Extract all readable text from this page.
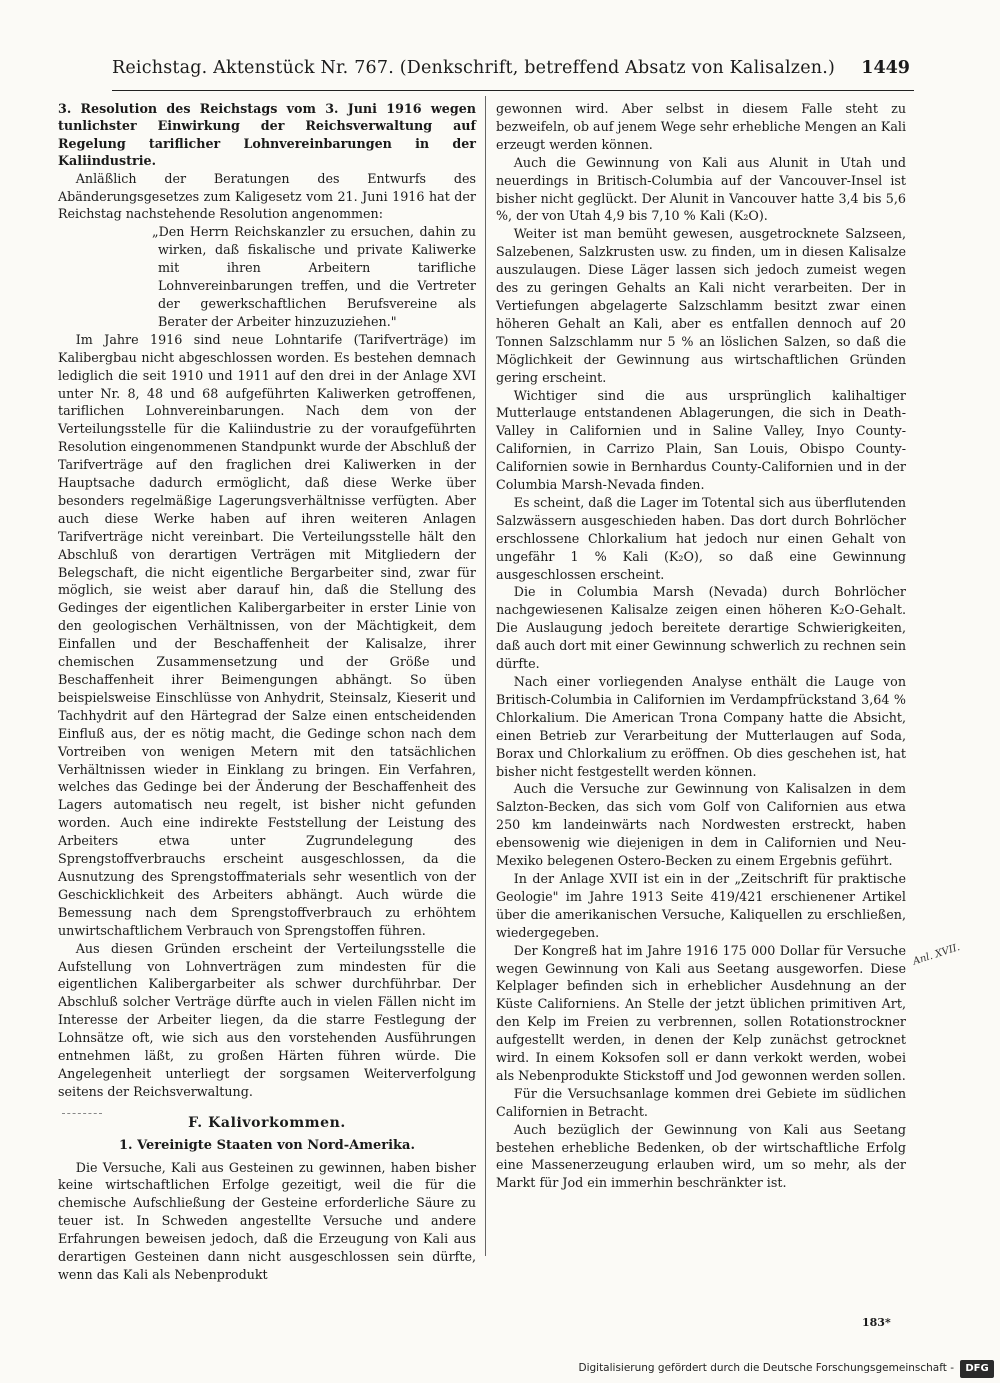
Reichstag. Aktenstück Nr. 767. (Denkschrift, betreffend Absatz von Kalisalzen.) 1449

3. Resolution des Reichstags vom 3. Juni 1916 wegen tunlichster Einwirkung der Reichsverwaltung auf Regelung tariflicher Lohnvereinbarungen in der Kaliindustrie.

Anläßlich der Beratungen des Entwurfs des Abänderungsgesetzes zum Kaligesetz vom 21. Juni 1916 hat der Reichstag nachstehende Resolution angenommen:

„Den Herrn Reichskanzler zu ersuchen, dahin zu wirken, daß fiskalische und private Kaliwerke mit ihren Arbeitern tarifliche Lohnvereinbarungen treffen, und die Vertreter der gewerkschaftlichen Berufsvereine als Berater der Arbeiter hinzuzuziehen."

Im Jahre 1916 sind neue Lohntarife (Tarifverträge) im Kalibergbau nicht abgeschlossen worden. Es bestehen demnach lediglich die seit 1910 und 1911 auf den drei in der Anlage XVI unter Nr. 8, 48 und 68 aufgeführten Kaliwerken getroffenen, tariflichen Lohnvereinbarungen. Nach dem von der Verteilungsstelle für die Kaliindustrie zu der voraufgeführten Resolution eingenommenen Standpunkt wurde der Abschluß der Tarifverträge auf den fraglichen drei Kaliwerken in der Hauptsache dadurch ermöglicht, daß diese Werke über besonders regelmäßige Lagerungsverhältnisse verfügten. Aber auch diese Werke haben auf ihren weiteren Anlagen Tarifverträge nicht vereinbart. Die Verteilungsstelle hält den Abschluß von derartigen Verträgen mit Mitgliedern der Belegschaft, die nicht eigentliche Bergarbeiter sind, zwar für möglich, sie weist aber darauf hin, daß die Stellung des Gedinges der eigentlichen Kalibergarbeiter in erster Linie von den geologischen Verhältnissen, von der Mächtigkeit, dem Einfallen und der Beschaffenheit der Kalisalze, ihrer chemischen Zusammensetzung und der Größe und Beschaffenheit ihrer Beimengungen abhängt. So üben beispielsweise Einschlüsse von Anhydrit, Steinsalz, Kieserit und Tachhydrit auf den Härtegrad der Salze einen entscheidenden Einfluß aus, der es nötig macht, die Gedinge schon nach dem Vortreiben von wenigen Metern mit den tatsächlichen Verhältnissen wieder in Einklang zu bringen. Ein Verfahren, welches das Gedinge bei der Änderung der Beschaffenheit des Lagers automatisch neu regelt, ist bisher nicht gefunden worden. Auch eine indirekte Feststellung der Leistung des Arbeiters etwa unter Zugrundelegung des Sprengstoffverbrauchs erscheint ausgeschlossen, da die Ausnutzung des Sprengstoffmaterials sehr wesentlich von der Geschicklichkeit des Arbeiters abhängt. Auch würde die Bemessung nach dem Sprengstoffverbrauch zu erhöhtem unwirtschaftlichem Verbrauch von Sprengstoffen führen.

Aus diesen Gründen erscheint der Verteilungsstelle die Aufstellung von Lohnverträgen zum mindesten für die eigentlichen Kalibergarbeiter als schwer durchführbar. Der Abschluß solcher Verträge dürfte auch in vielen Fällen nicht im Interesse der Arbeiter liegen, da die starre Festlegung der Lohnsätze oft, wie sich aus den vorstehenden Ausführungen entnehmen läßt, zu großen Härten führen würde. Die Angelegenheit unterliegt der sorgsamen Weiterverfolgung seitens der Reichsverwaltung.

F. Kalivorkommen.

1. Vereinigte Staaten von Nord-Amerika.

Die Versuche, Kali aus Gesteinen zu gewinnen, haben bisher keine wirtschaftlichen Erfolge gezeitigt, weil die für die chemische Aufschließung der Gesteine erforderliche Säure zu teuer ist. In Schweden angestellte Versuche und andere Erfahrungen beweisen jedoch, daß die Erzeugung von Kali aus derartigen Gesteinen dann nicht ausgeschlossen sein dürfte, wenn das Kali als Nebenprodukt

gewonnen wird. Aber selbst in diesem Falle steht zu bezweifeln, ob auf jenem Wege sehr erhebliche Mengen an Kali erzeugt werden können.

Auch die Gewinnung von Kali aus Alunit in Utah und neuerdings in Britisch-Columbia auf der Vancouver-Insel ist bisher nicht geglückt. Der Alunit in Vancouver hatte 3,4 bis 5,6 %, der von Utah 4,9 bis 7,10 % Kali (K₂O).

Weiter ist man bemüht gewesen, ausgetrocknete Salzseen, Salzebenen, Salzkrusten usw. zu finden, um in diesen Kalisalze auszulaugen. Diese Läger lassen sich jedoch zumeist wegen des zu geringen Gehalts an Kali nicht verarbeiten. Der in Vertiefungen abgelagerte Salzschlamm besitzt zwar einen höheren Gehalt an Kali, aber es entfallen dennoch auf 20 Tonnen Salzschlamm nur 5 % an löslichen Salzen, so daß die Möglichkeit der Gewinnung aus wirtschaftlichen Gründen gering erscheint.

Wichtiger sind die aus ursprünglich kalihaltiger Mutterlauge entstandenen Ablagerungen, die sich in Death-Valley in Californien und in Saline Valley, Inyo County-Californien, in Carrizo Plain, San Louis, Obispo County-Californien sowie in Bernhardus County-Californien und in der Columbia Marsh-Nevada finden.

Es scheint, daß die Lager im Totental sich aus überflutenden Salzwässern ausgeschieden haben. Das dort durch Bohrlöcher erschlossene Chlorkalium hat jedoch nur einen Gehalt von ungefähr 1 % Kali (K₂O), so daß eine Gewinnung ausgeschlossen erscheint.

Die in Columbia Marsh (Nevada) durch Bohrlöcher nachgewiesenen Kalisalze zeigen einen höheren K₂O-Gehalt. Die Auslaugung jedoch bereitete derartige Schwierigkeiten, daß auch dort mit einer Gewinnung schwerlich zu rechnen sein dürfte.

Nach einer vorliegenden Analyse enthält die Lauge von Britisch-Columbia in Californien im Verdampfrückstand 3,64 % Chlorkalium. Die American Trona Company hatte die Absicht, einen Betrieb zur Verarbeitung der Mutterlaugen auf Soda, Borax und Chlorkalium zu eröffnen. Ob dies geschehen ist, hat bisher nicht festgestellt werden können.

Auch die Versuche zur Gewinnung von Kalisalzen in dem Salzton-Becken, das sich vom Golf von Californien aus etwa 250 km landeinwärts nach Nordwesten erstreckt, haben ebensowenig wie diejenigen in dem in Californien und Neu-Mexiko belegenen Ostero-Becken zu einem Ergebnis geführt.

In der Anlage XVII ist ein in der „Zeitschrift für praktische Geologie" im Jahre 1913 Seite 419/421 erschienener Artikel über die amerikanischen Versuche, Kaliquellen zu erschließen, wiedergegeben.

Der Kongreß hat im Jahre 1916 175 000 Dollar für Versuche wegen Gewinnung von Kali aus Seetang ausgeworfen. Diese Kelplager befinden sich in erheblicher Ausdehnung an der Küste Californiens. An Stelle der jetzt üblichen primitiven Art, den Kelp im Freien zu verbrennen, sollen Rotationstrockner aufgestellt werden, in denen der Kelp zunächst getrocknet wird. In einem Koksofen soll er dann verkokt werden, wobei als Nebenprodukte Stickstoff und Jod gewonnen werden sollen.

Für die Versuchsanlage kommen drei Gebiete im südlichen Californien in Betracht.

Auch bezüglich der Gewinnung von Kali aus Seetang bestehen erhebliche Bedenken, ob der wirtschaftliche Erfolg eine Massenerzeugung erlauben wird, um so mehr, als der Markt für Jod ein immerhin beschränkter ist.

Anl. XVII.
183*
Digitalisierung gefördert durch die Deutsche Forschungsgemeinschaft -	DFG
